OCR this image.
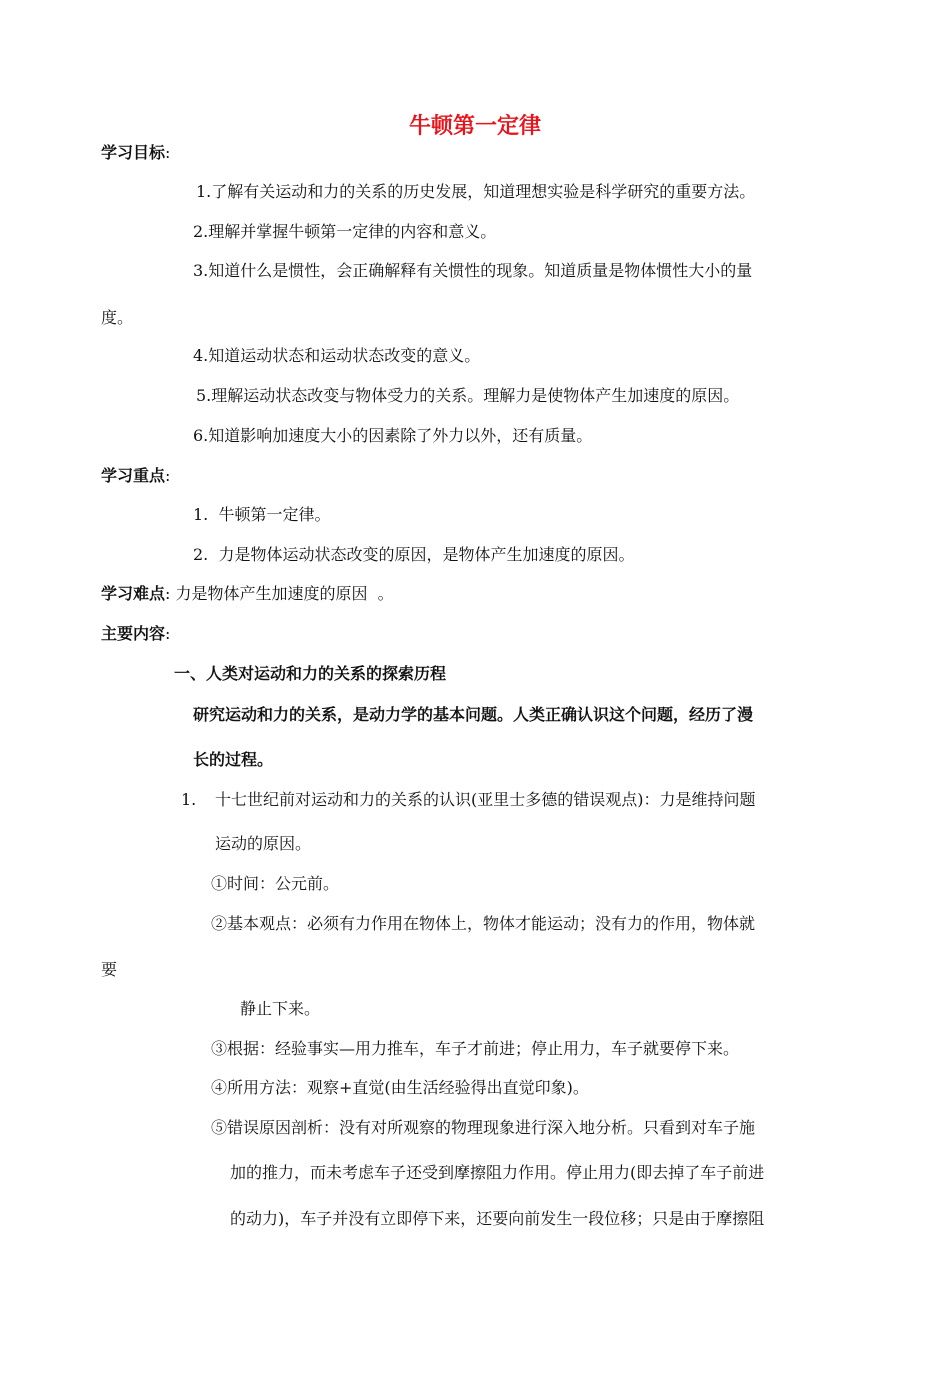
牛顿第一定律
学习目标:
1.了解有关运动和力的关系的历史发展，知道理想实验是科学研究的重要方法。
2.理解并掌握牛顿第一定律的内容和意义。
3.知道什么是惯性，会正确解释有关惯性的现象。知道质量是物体惯性大小的量
度。
4.知道运动状态和运动状态改变的意义。
5.理解运动状态改变与物体受力的关系。理解力是使物体产生加速度的原因。
6.知道影响加速度大小的因素除了外力以外，还有质量。
学习重点:
1.  牛顿第一定律。
2.  力是物体运动状态改变的原因，是物体产生加速度的原因。
学习难点: 力是物体产生加速度的原因  。
主要内容:
一、人类对运动和力的关系的探索历程
研究运动和力的关系，是动力学的基本问题。人类正确认识这个问题，经历了漫
长的过程。
1. 十七世纪前对运动和力的关系的认识(亚里士多德的错误观点)：力是维持问题
运动的原因。
①时间：公元前。
②基本观点：必须有力作用在物体上，物体才能运动；没有力的作用，物体就
要
静止下来。
③根据：经验事实—用力推车，车子才前进；停止用力，车子就要停下来。
④所用方法：观察+直觉(由生活经验得出直觉印象)。
⑤错误原因剖析：没有对所观察的物理现象进行深入地分析。只看到对车子施
加的推力，而未考虑车子还受到摩擦阻力作用。停止用力(即去掉了车子前进
的动力)，车子并没有立即停下来，还要向前发生一段位移；只是由于摩擦阻
